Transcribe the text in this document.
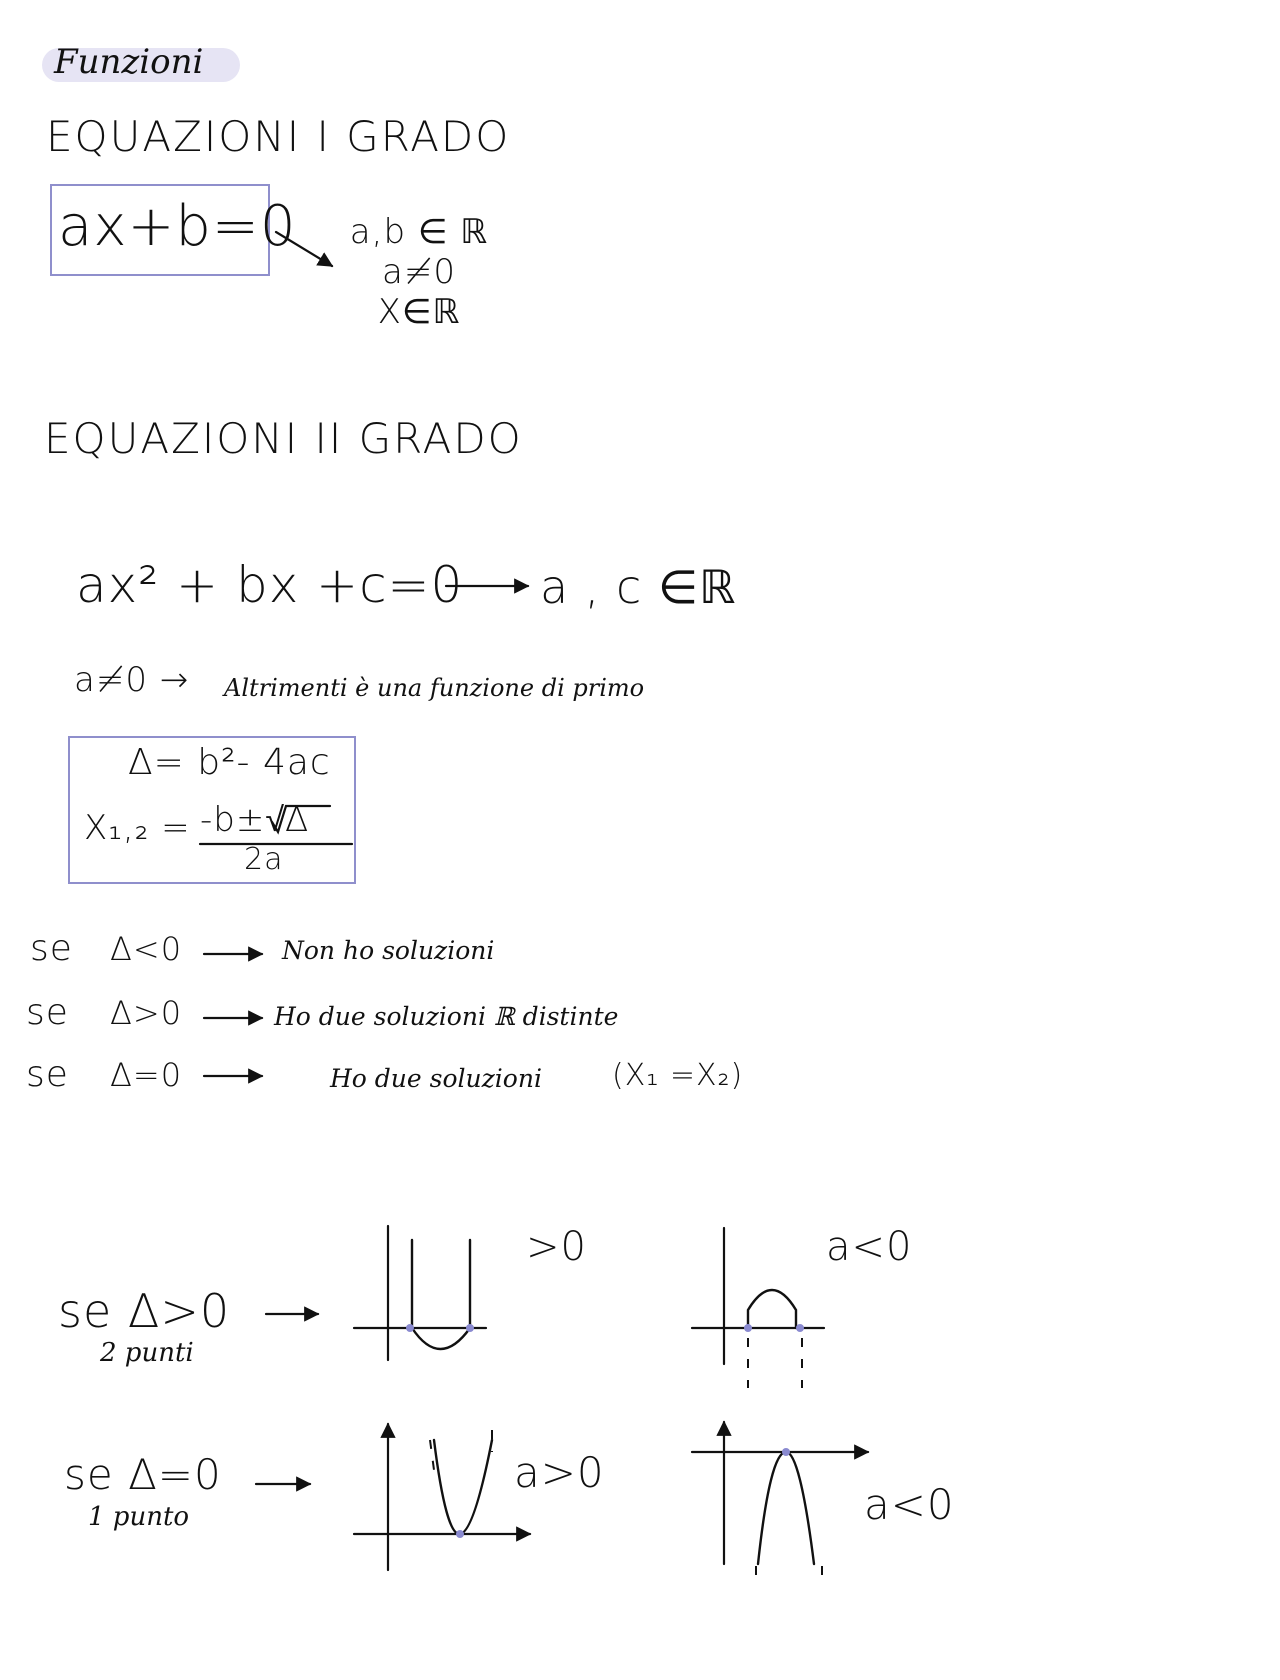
Funzioni
EQUAZIONI I GRADO
ax+b=0 a,b ∈ ℝ
a≠0
X∈ℝ
EQUAZIONI II GRADO
ax² + bx +c=0 a , c ∈ℝ
a≠0 → Altrimenti è una funzione di primo
Δ= b²- 4ac
X₁,₂ = -b±√Δ
2a
se Δ<0	Non ho soluzioni
se Δ>0	Ho due soluzioni ℝ distinte
se Δ=0	Ho due soluzioni (X₁ =X₂)
se Δ>0
2 punti
>0	a<0
se Δ=0
1 punto
a>0
a<0
